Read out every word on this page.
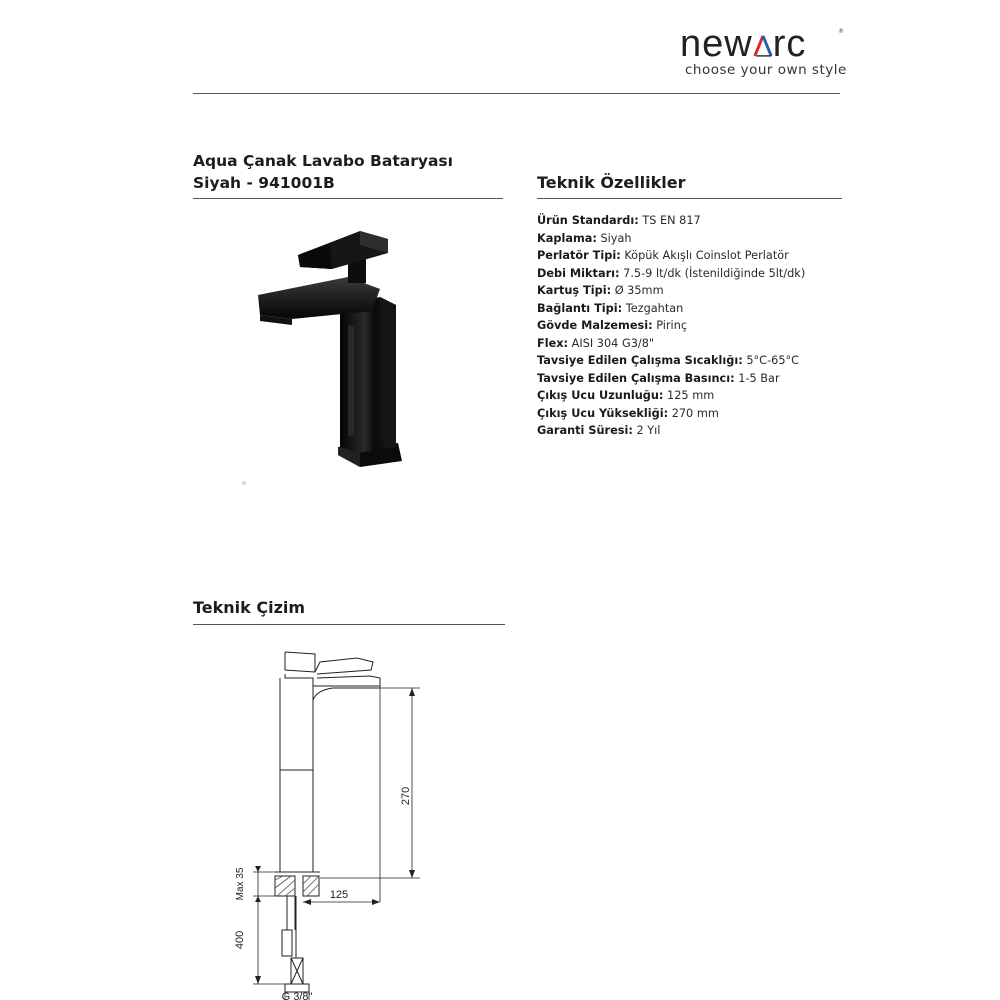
new rc	®
choose your own style
Aqua Çanak Lavabo Bataryası
Siyah - 941001B	Teknik Özellikler
Ürün Standardı: TS EN 817
Kaplama: Siyah
Perlatör Tipi: Köpük Akışlı Coinslot Perlatör
Debi Miktarı: 7.5-9 lt/dk (İstenildiğinde 5lt/dk)
Kartuş Tipi: Ø 35mm
Bağlantı Tipi: Tezgahtan
Gövde Malzemesi: Pirinç
Flex: AISI 304 G3/8"
Tavsiye Edilen Çalışma Sıcaklığı: 5°C-65°C
Tavsiye Edilen Çalışma Basıncı: 1-5 Bar
Çıkış Ucu Uzunluğu: 125 mm
Çıkış Ucu Yüksekliği: 270 mm
Garanti Süresi: 2 Yıl
Teknik Çizim
270
125
Max 35
400
G 3/8"
